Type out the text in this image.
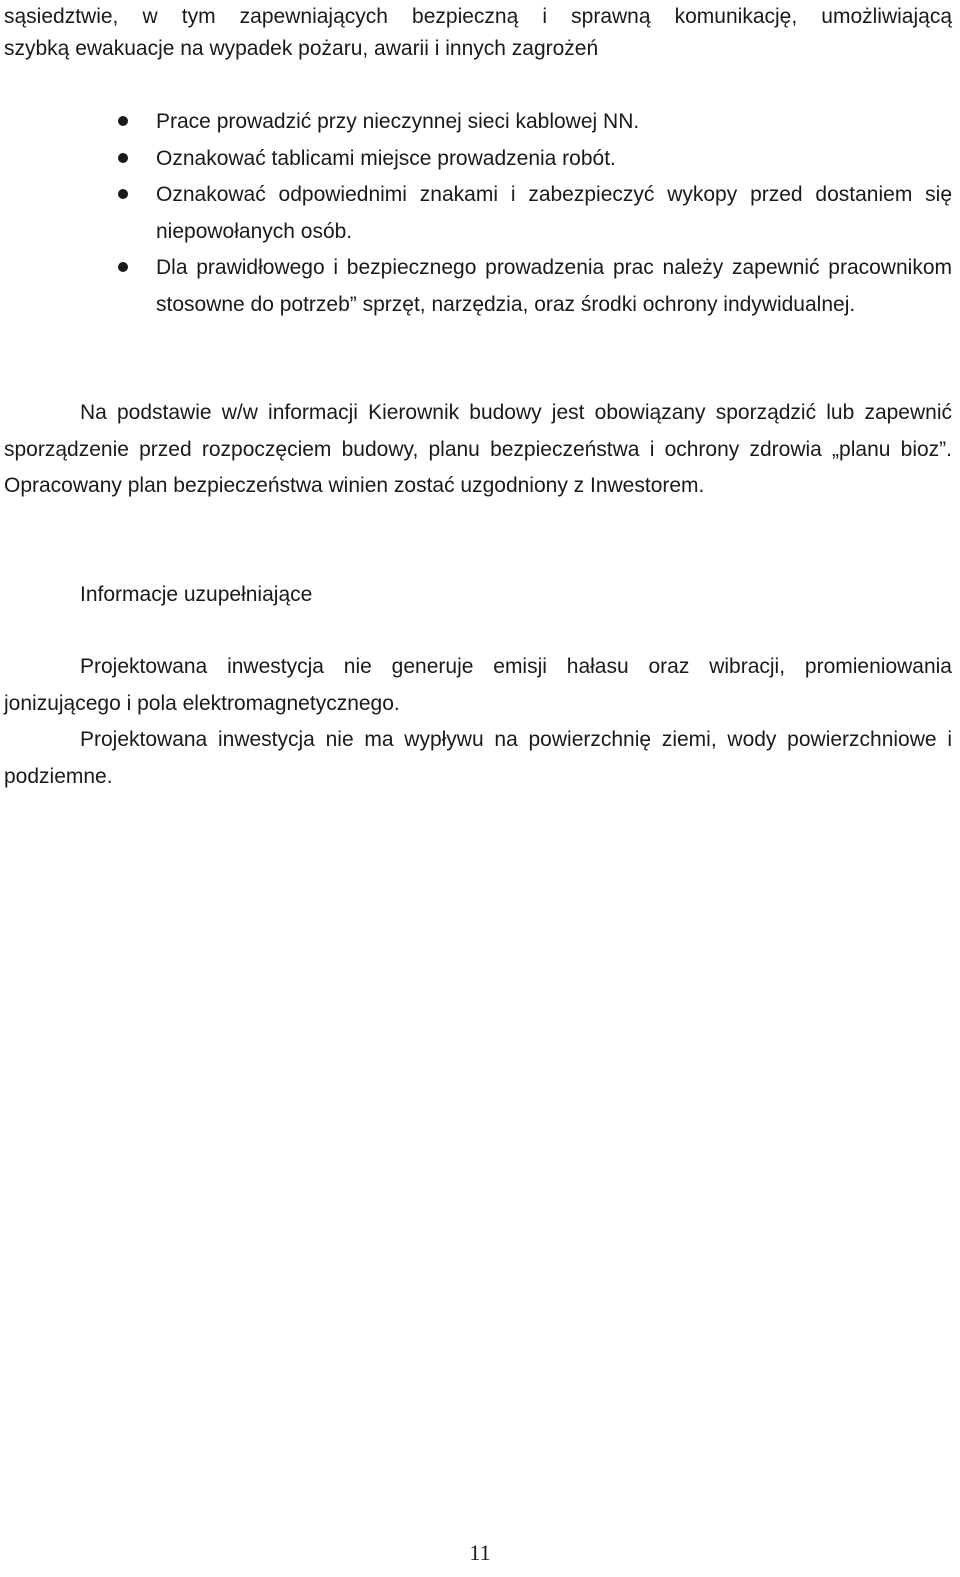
sąsiedztwie, w tym zapewniających bezpieczną i sprawną komunikację, umożliwiającą

szybką ewakuacje na wypadek pożaru, awarii i innych zagrożeń

Prace prowadzić przy nieczynnej sieci kablowej NN.
Oznakować tablicami miejsce prowadzenia robót.
Oznakować odpowiednimi znakami i zabezpieczyć wykopy przed dostaniem się niepowołanych osób.
Dla prawidłowego i bezpiecznego prowadzenia prac należy zapewnić pracownikom stosowne do potrzeb” sprzęt, narzędzia, oraz środki ochrony indywidualnej.

Na podstawie w/w informacji Kierownik budowy jest obowiązany sporządzić lub zapewnić sporządzenie przed rozpoczęciem budowy, planu bezpieczeństwa i ochrony zdrowia „planu bioz”. Opracowany plan bezpieczeństwa winien zostać uzgodniony z Inwestorem.

Informacje uzupełniające

Projektowana inwestycja nie generuje emisji hałasu oraz wibracji, promieniowania jonizującego i pola elektromagnetycznego.

Projektowana inwestycja nie ma wypływu na powierzchnię ziemi, wody powierzchniowe i podziemne.

11
